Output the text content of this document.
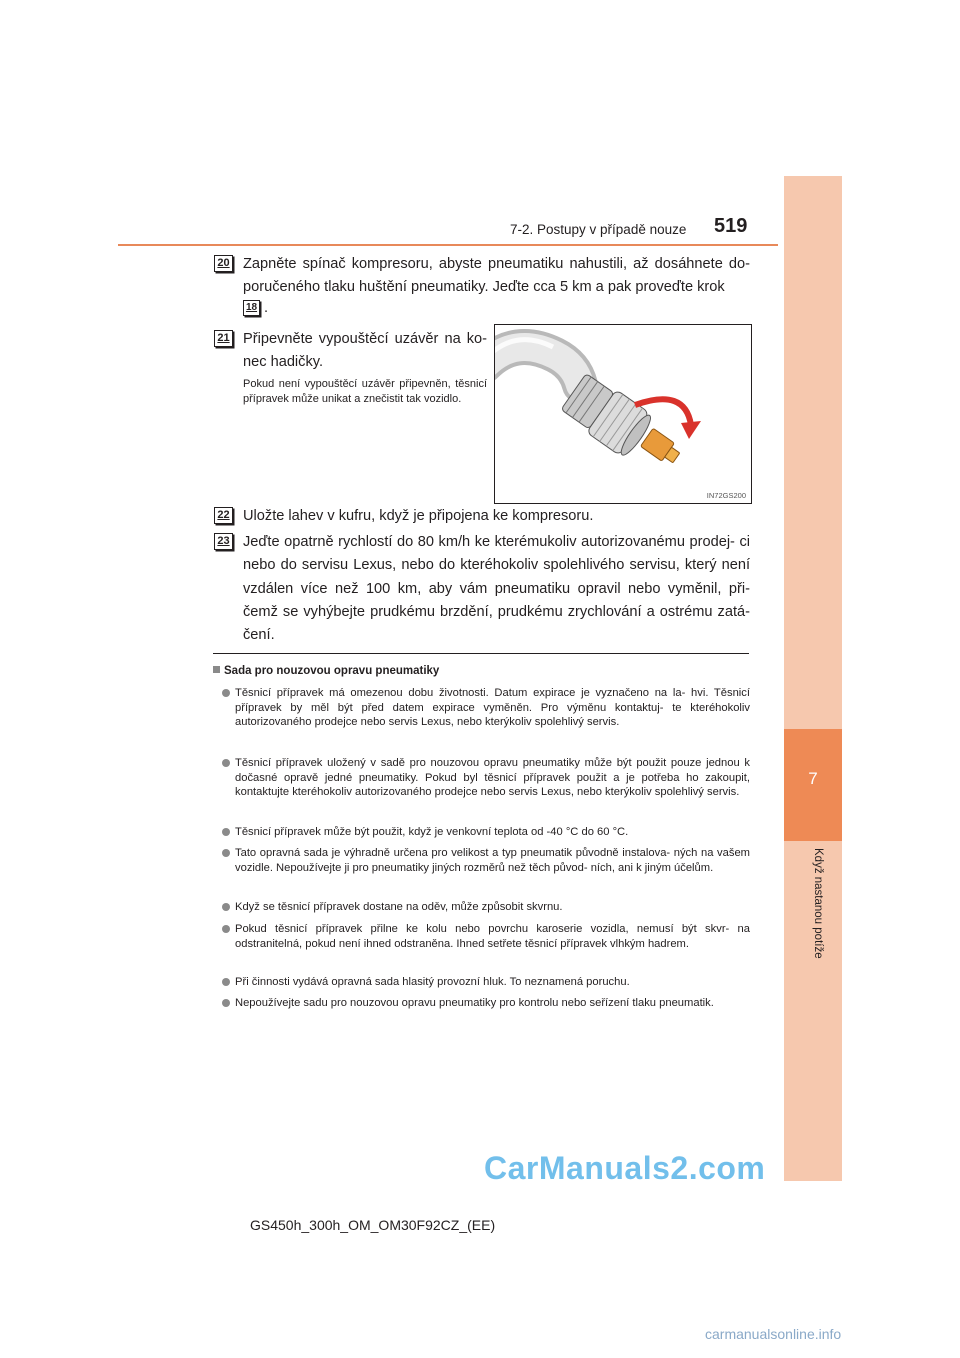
7-2. Postupy v případě nouze 519
7
Když nastanou potíže
20 Zapněte spínač kompresoru, abyste pneumatiku nahustili, až dosáhnete do- poručeného tlaku huštění pneumatiky. Jeďte cca 5 km a pak proveďte krok
18 .
21 Připevněte vypouštěcí uzávěr na ko- nec hadičky.
Pokud není vypouštěcí uzávěr připevněn, těsnicí přípravek může unikat a znečistit tak vozidlo.
IN72GS200
22 Uložte lahev v kufru, když je připojena ke kompresoru.
23 Jeďte opatrně rychlostí do 80 km/h ke kterémukoliv autorizovanému prodej- ci nebo do servisu Lexus, nebo do kteréhokoliv spolehlivého servisu, který není vzdálen více než 100 km, aby vám pneumatiku opravil nebo vyměnil, při- čemž se vyhýbejte prudkému brzdění, prudkému zrychlování a ostrému zatá- čení.
Sada pro nouzovou opravu pneumatiky
Těsnicí přípravek má omezenou dobu životnosti. Datum expirace je vyznačeno na la- hvi. Těsnicí přípravek by měl být před datem expirace vyměněn. Pro výměnu kontaktuj- te kteréhokoliv autorizovaného prodejce nebo servis Lexus, nebo kterýkoliv spolehlivý servis.
Těsnicí přípravek uložený v sadě pro nouzovou opravu pneumatiky může být použit pouze jednou k dočasné opravě jedné pneumatiky. Pokud byl těsnicí přípravek použit a je potřeba ho zakoupit, kontaktujte kteréhokoliv autorizovaného prodejce nebo servis Lexus, nebo kterýkoliv spolehlivý servis.
Těsnicí přípravek může být použit, když je venkovní teplota od -40 °C do 60 °C.
Tato opravná sada je výhradně určena pro velikost a typ pneumatik původně instalova- ných na vašem vozidle. Nepoužívejte ji pro pneumatiky jiných rozměrů než těch původ- ních, ani k jiným účelům.
Když se těsnicí přípravek dostane na oděv, může způsobit skvrnu.
Pokud těsnicí přípravek přilne ke kolu nebo povrchu karoserie vozidla, nemusí být skvr- na odstranitelná, pokud není ihned odstraněna. Ihned setřete těsnicí přípravek vlhkým hadrem.
Při činnosti vydává opravná sada hlasitý provozní hluk. To neznamená poruchu.
Nepoužívejte sadu pro nouzovou opravu pneumatiky pro kontrolu nebo seřízení tlaku pneumatik.
GS450h_300h_OM_OM30F92CZ_(EE)
CarManuals2.com
carmanualsonline.info
